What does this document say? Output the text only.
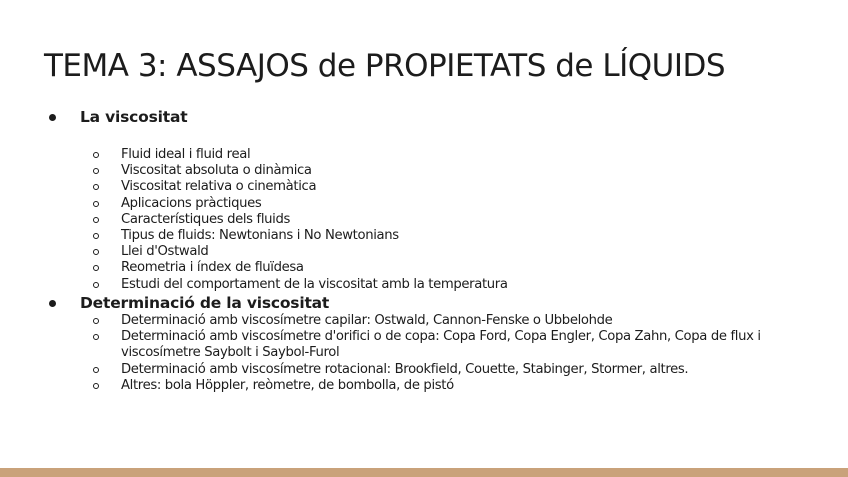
TEMA 3: ASSAJOS de PROPIETATS de LÍQUIDS
La viscositat
Fluid ideal i fluid real
Viscositat absoluta o dinàmica
Viscositat relativa o cinemàtica
Aplicacions pràctiques
Característiques dels fluids
Tipus de fluids: Newtonians i No Newtonians
Llei d'Ostwald
Reometria i índex de fluïdesa
Estudi del comportament de la viscositat amb la temperatura
Determinació de la viscositat
Determinació amb viscosímetre capilar: Ostwald, Cannon-Fenske o Ubbelohde
Determinació amb viscosímetre d'orifici o de copa: Copa Ford, Copa Engler, Copa Zahn, Copa de flux i viscosímetre Saybolt i Saybol-Furol
Determinació amb viscosímetre rotacional: Brookfield, Couette, Stabinger, Stormer, altres.
Altres: bola Höppler, reòmetre, de bombolla, de pistó
